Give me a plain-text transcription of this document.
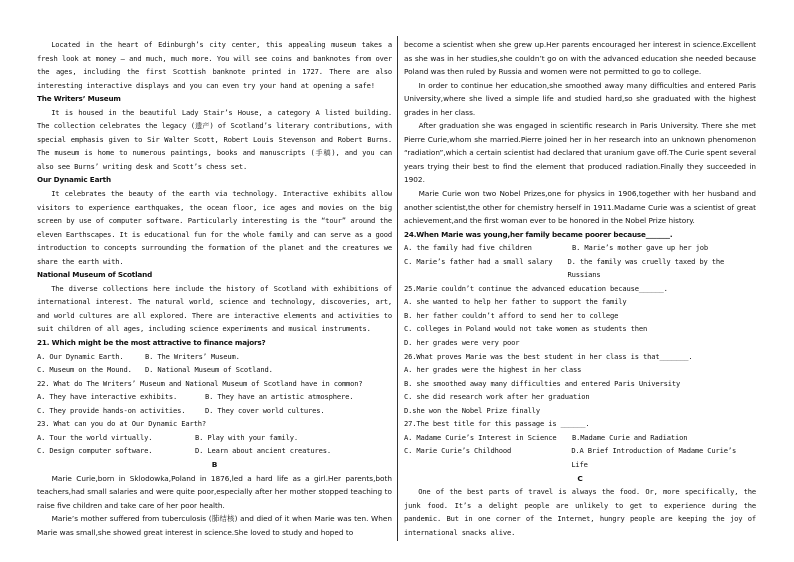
Located in the heart of Edinburgh’s city center, this appealing museum takes a fresh look at money — and much, much more. You will see coins and banknotes from over the ages, including the first Scottish banknote printed in 1727. There are also interesting interactive displays and you can even try your hand at opening a safe!

The Writers’ Museum

It is housed in the beautiful Lady Stair’s House, a category A listed building. The collection celebrates the legacy (遗产) of Scotland’s literary contributions, with special emphasis given to Sir Walter Scott, Robert Louis Stevenson and Robert Burns. The museum is home to numerous paintings, books and manuscripts (手稿), and you can also see Burns’ writing desk and Scott’s chess set.

Our Dynamic Earth

It celebrates the beauty of the earth via technology. Interactive exhibits allow visitors to experience earthquakes, the ocean floor, ice ages and movies on the big screen by use of computer software. Particularly interesting is the “tour” around the eleven Earthscapes. It is educational fun for the whole family and can serve as a good introduction to concepts surrounding the formation of the planet and the creatures we share the earth with.

National Museum of Scotland

The diverse collections here include the history of Scotland with exhibitions of international interest. The natural world, science and technology, discoveries, art, and world cultures are all explored. There are interactive elements and activities to suit children of all ages, including science experiments and musical instruments.

21. Which might be the most attractive to finance majors?

A. Our Dynamic Earth.	B. The Writers’ Museum.
C. Museum on the Mound.	D. National Museum of Scotland.

22. What do The Writers’ Museum and National Museum of Scotland have in common?

A. They have interactive exhibits.	B. They have an artistic atmosphere.
C. They provide hands-on activities.	D. They cover world cultures.

23. What can you do at Our Dynamic Earth?

A. Tour the world virtually.	B. Play with your family.
C. Design computer software.	D. Learn about ancient creatures.

B

Marie Curie,born in Sklodowka,Poland in 1876,led a hard life as a girl.Her parents,both teachers,had small salaries and were quite poor,especially after her mother stopped teaching to raise five children and take care of her poor health.

Marie’s mother suffered from tuberculosis (肺结核) and died of it when Marie was ten. When Marie was small,she showed great interest in science.She loved to study and hoped to

become a scientist when she grew up.Her parents encouraged her interest in science.Excellent as she was in her studies,she couldn’t go on with the advanced education she needed because Poland was then ruled by Russia and women were not permitted to go to college.

In order to continue her education,she smoothed away many difficulties and entered Paris University,where she lived a simple life and studied hard,so she graduated with the highest grades in her class.

After graduation she was engaged in scientific research in Paris University. There she met Pierre Curie,whom she married.Pierre joined her in her research into an unknown phenomenon “radiation”,which a certain scientist had declared that uranium gave off.The Curie spent several years trying their best to find the element that produced radiation.Finally they succeeded in 1902.

Marie Curie won two Nobel Prizes,one for physics in 1906,together with her husband and another scientist,the other for chemistry herself in 1911.Madame Curie was a scientist of great achievement,and the first woman ever to be honored in the Nobel Prize history.

24.When Marie was young,her family became poorer because_______.

A. the family had five children	B. Marie’s mother gave up her job
C. Marie’s father had a small salary	D. the family was cruelly taxed by the Russians

25.Marie couldn’t continue the advanced education because______.

A. she wanted to help her father to support the family

B. her father couldn’t afford to send her to college

C. colleges in Poland would not take women as students then

D. her grades were very poor

26.What proves Marie was the best student in her class is that_______.

A. her grades were the highest in her class

B. she smoothed away many difficulties and entered Paris University

C. she did research work after her graduation

D.she won the Nobel Prize finally

27.The best title for this passage is ______.

A. Madame Curie’s Interest in Science	B.Madame Curie and Radiation
C. Marie Curie’s Childhood	D.A Brief Introduction of Madame Curie’s Life

C

One of the best parts of travel is always the food. Or, more specifically, the junk food. It’s a delight people are unlikely to get to experience during the pandemic. But in one corner of the Internet, hungry people are keeping the joy of international snacks alive.
